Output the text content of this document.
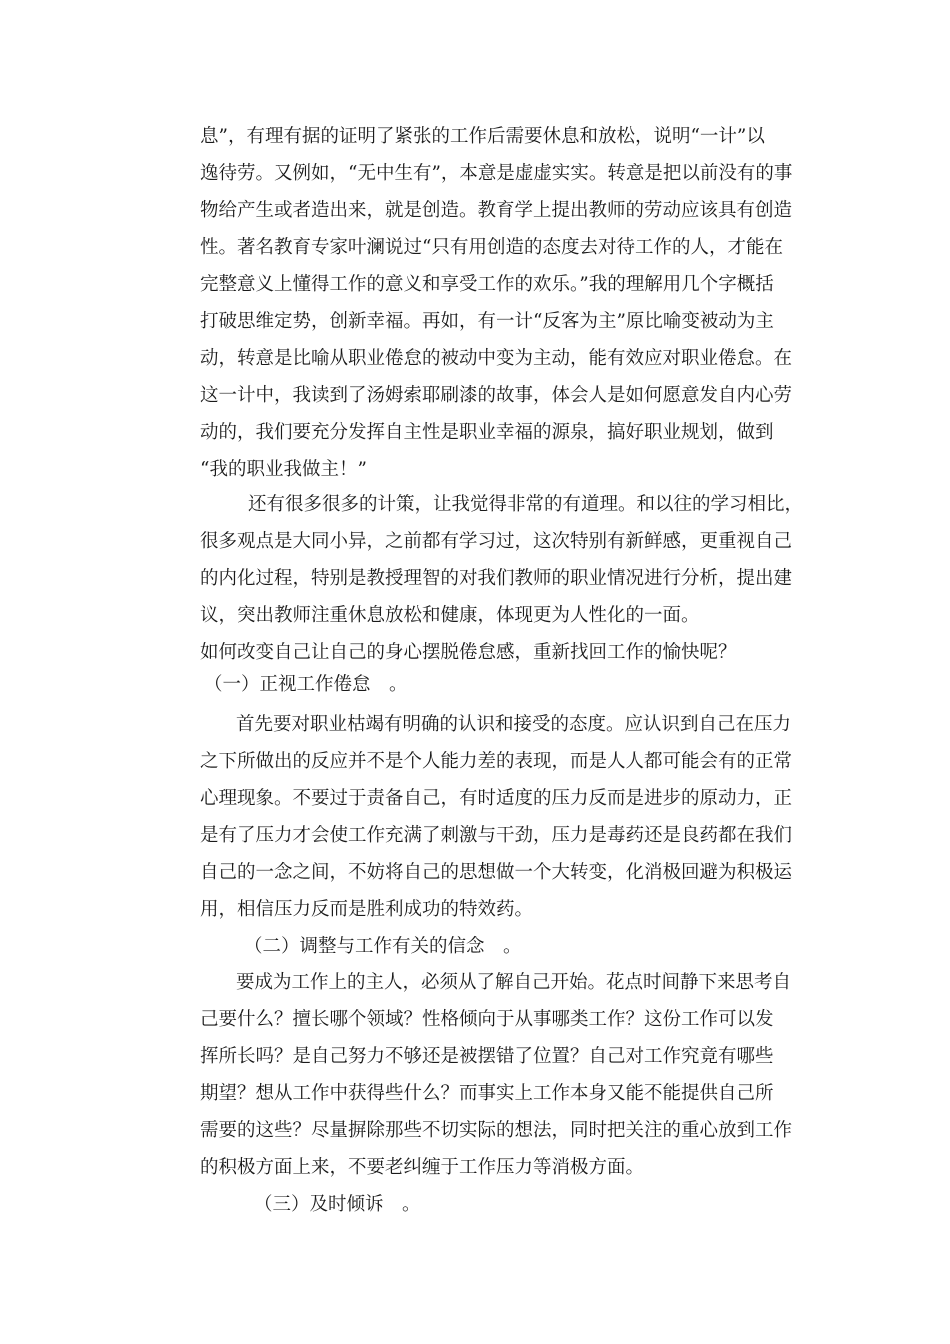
息”，有理有据的证明了紧张的工作后需要休息和放松，说明“一计”以
逸待劳。又例如，“无中生有”，本意是虚虚实实。转意是把以前没有的事
物给产生或者造出来，就是创造。教育学上提出教师的劳动应该具有创造
性。著名教育专家叶澜说过“只有用创造的态度去对待工作的人，才能在
完整意义上懂得工作的意义和享受工作的欢乐。”我的理解用几个字概括
打破思维定势，创新幸福。再如，有一计“反客为主”原比喻变被动为主
动，转意是比喻从职业倦怠的被动中变为主动，能有效应对职业倦怠。在
这一计中，我读到了汤姆索耶刷漆的故事，体会人是如何愿意发自内心劳
动的，我们要充分发挥自主性是职业幸福的源泉，搞好职业规划，做到
“我的职业我做主！”
还有很多很多的计策，让我觉得非常的有道理。和以往的学习相比，
很多观点是大同小异，之前都有学习过，这次特别有新鲜感，更重视自己
的内化过程，特别是教授理智的对我们教师的职业情况进行分析，提出建
议，突出教师注重休息放松和健康，体现更为人性化的一面。
如何改变自己让自己的身心摆脱倦怠感，重新找回工作的愉快呢？
（一）正视工作倦怠　。
首先要对职业枯竭有明确的认识和接受的态度。应认识到自己在压力
之下所做出的反应并不是个人能力差的表现，而是人人都可能会有的正常
心理现象。不要过于责备自己，有时适度的压力反而是进步的原动力，正
是有了压力才会使工作充满了刺激与干劲，压力是毒药还是良药都在我们
自己的一念之间，不妨将自己的思想做一个大转变，化消极回避为积极运
用，相信压力反而是胜利成功的特效药。
（二）调整与工作有关的信念　。
要成为工作上的主人，必须从了解自己开始。花点时间静下来思考自
己要什么？擅长哪个领域？性格倾向于从事哪类工作？这份工作可以发
挥所长吗？是自己努力不够还是被摆错了位置？自己对工作究竟有哪些
期望？想从工作中获得些什么？而事实上工作本身又能不能提供自己所
需要的这些？尽量摒除那些不切实际的想法，同时把关注的重心放到工作
的积极方面上来，不要老纠缠于工作压力等消极方面。
（三）及时倾诉　。
